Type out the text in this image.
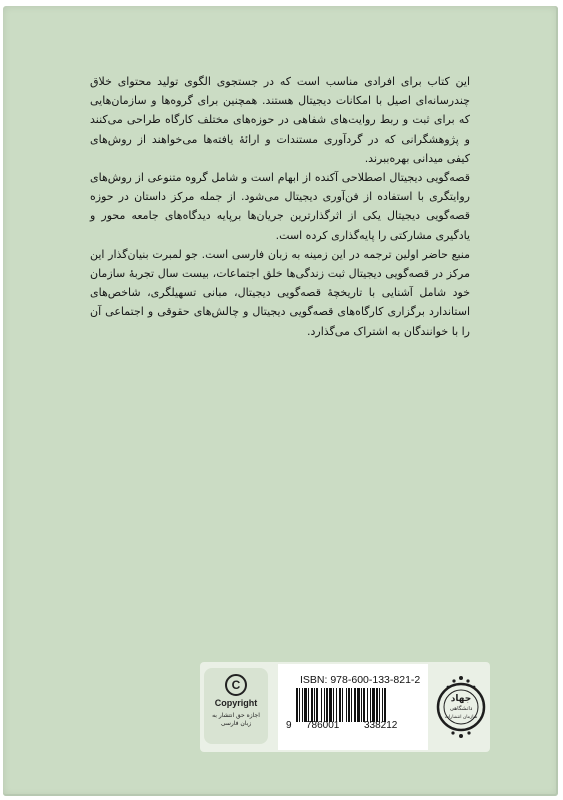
این کتاب برای افرادی مناسب است که در جستجوی الگوی تولید محتوای خلاق چندرسانه‌ای اصیل با امکانات دیجیتال هستند. همچنین برای گروه‌ها و سازمان‌هایی که برای ثبت و ربط روایت‌های شفاهی در حوزه‌های مختلف کارگاه طراحی می‌کنند و پژوهشگرانی که در گردآوری مستندات و ارائهٔ یافته‌ها می‌خواهند از روش‌های کیفی میدانی بهره‌ببرند.

قصه‌گویی دیجیتال اصطلاحی آکنده از ابهام است و شامل گروه متنوعی از روش‌های روایتگری با استفاده از فن‌آوری دیجیتال می‌شود. از جمله مرکز داستان در حوزه قصه‌گویی دیجیتال یکی از اثرگذارترین جریان‌ها برپایه دیدگاه‌های جامعه محور و یادگیری مشارکتی را پایه‌گذاری کرده است.

منبع حاضر اولین ترجمه در این زمینه به زبان فارسی است. جو لمبرت بنیان‌گذار این مرکز در قصه‌گویی دیجیتال ثبت زندگی‌ها خلق اجتماعات، بیست سال تجربهٔ سازمان خود شامل آشنایی با تاریخچهٔ قصه‌گویی دیجیتال، مبانی تسهیلگری، شاخص‌های استاندارد برگزاری کارگاه‌های قصه‌گویی دیجیتال و چالش‌های حقوقی و اجتماعی آن را با خوانندگان به اشتراک می‌گذارد.

C
Copyright
اجازه حق انتشار به زبان فارسی
ISBN: 978-600-133-821-2
9 786001 338212
جهاد
دانشگاهی
سازمان انتشارات
